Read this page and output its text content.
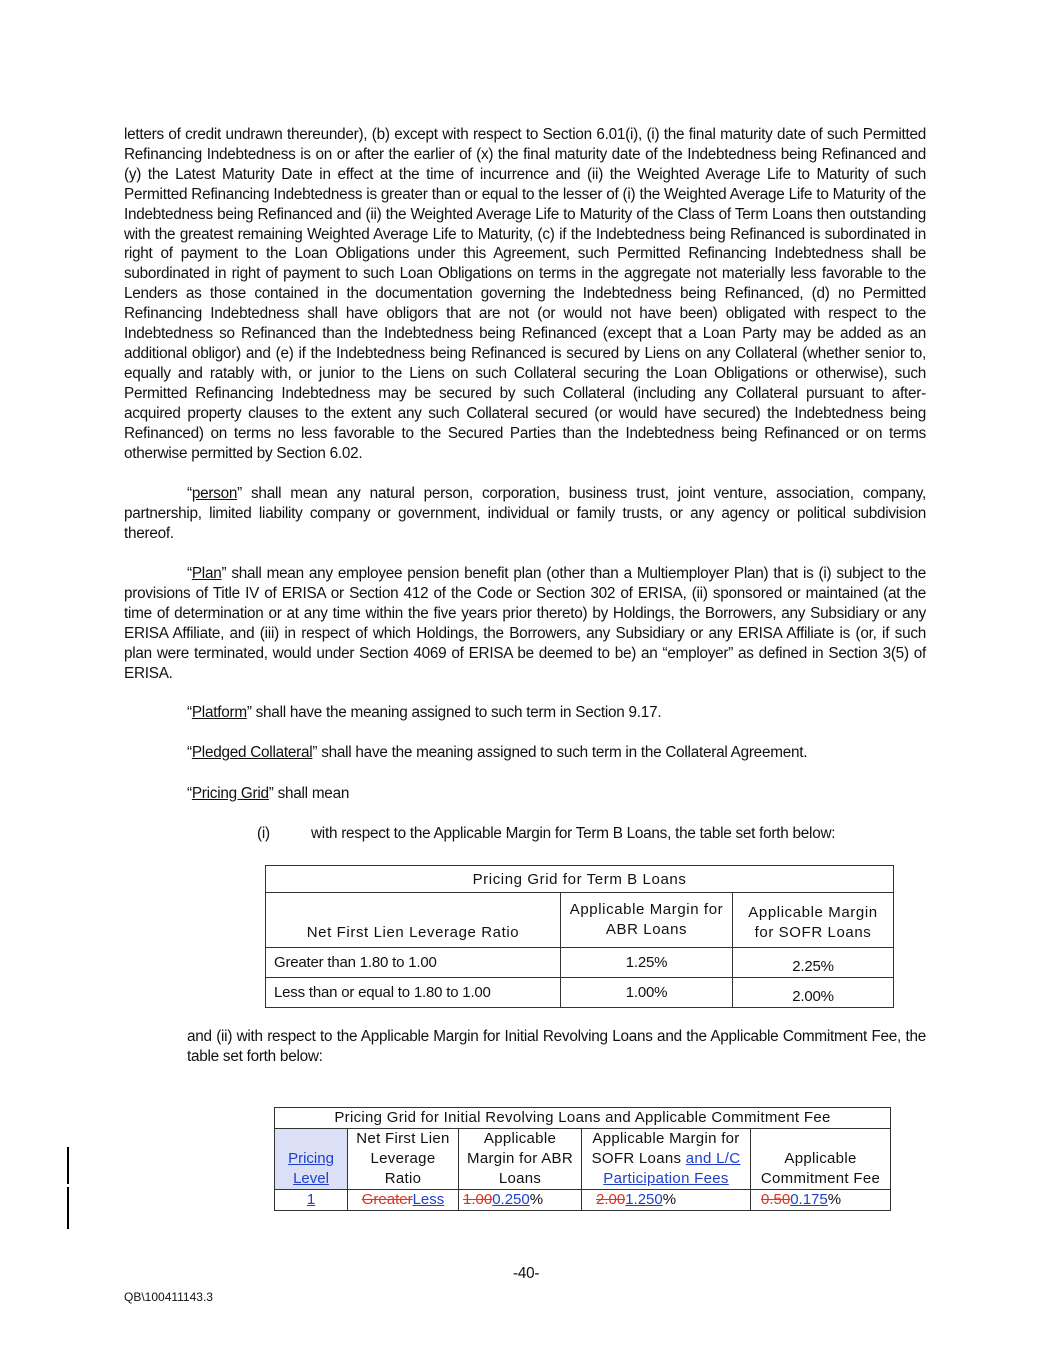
letters of credit undrawn thereunder), (b) except with respect to Section 6.01(i), (i) the final maturity date of such Permitted Refinancing Indebtedness is on or after the earlier of (x) the final maturity date of the Indebtedness being Refinanced and (y) the Latest Maturity Date in effect at the time of incurrence and (ii) the Weighted Average Life to Maturity of such Permitted Refinancing Indebtedness is greater than or equal to the lesser of (i) the Weighted Average Life to Maturity of the Indebtedness being Refinanced and (ii) the Weighted Average Life to Maturity of the Class of Term Loans then outstanding with the greatest remaining Weighted Average Life to Maturity, (c) if the Indebtedness being Refinanced is subordinated in right of payment to the Loan Obligations under this Agreement, such Permitted Refinancing Indebtedness shall be subordinated in right of payment to such Loan Obligations on terms in the aggregate not materially less favorable to the Lenders as those contained in the documentation governing the Indebtedness being Refinanced, (d) no Permitted Refinancing Indebtedness shall have obligors that are not (or would not have been) obligated with respect to the Indebtedness so Refinanced than the Indebtedness being Refinanced (except that a Loan Party may be added as an additional obligor) and (e) if the Indebtedness being Refinanced is secured by Liens on any Collateral (whether senior to, equally and ratably with, or junior to the Liens on such Collateral securing the Loan Obligations or otherwise), such Permitted Refinancing Indebtedness may be secured by such Collateral (including any Collateral pursuant to after-acquired property clauses to the extent any such Collateral secured (or would have secured) the Indebtedness being Refinanced) on terms no less favorable to the Secured Parties than the Indebtedness being Refinanced or on terms otherwise permitted by Section 6.02.
“person” shall mean any natural person, corporation, business trust, joint venture, association, company, partnership, limited liability company or government, individual or family trusts, or any agency or political subdivision thereof.
“Plan” shall mean any employee pension benefit plan (other than a Multiemployer Plan) that is (i) subject to the provisions of Title IV of ERISA or Section 412 of the Code or Section 302 of ERISA, (ii) sponsored or maintained (at the time of determination or at any time within the five years prior thereto) by Holdings, the Borrowers, any Subsidiary or any ERISA Affiliate, and (iii) in respect of which Holdings, the Borrowers, any Subsidiary or any ERISA Affiliate is (or, if such plan were terminated, would under Section 4069 of ERISA be deemed to be) an “employer” as defined in Section 3(5) of ERISA.
“Platform” shall have the meaning assigned to such term in Section 9.17.
“Pledged Collateral” shall have the meaning assigned to such term in the Collateral Agreement.
“Pricing Grid” shall mean
(i)	with respect to the Applicable Margin for Term B Loans, the table set forth below:
Pricing Grid for Term B Loans		
Net First Lien Leverage Ratio	Applicable Margin for ABR Loans	Applicable Margin for SOFR Loans
Greater than 1.80 to 1.00	1.25%	2.25%
Less than or equal to 1.80 to 1.00	1.00%	2.00%
and (ii) with respect to the Applicable Margin for Initial Revolving Loans and the Applicable Commitment Fee, the table set forth below:
Pricing Grid for Initial Revolving Loans and Applicable Commitment Fee				
Pricing Level	Net First Lien Leverage Ratio	Applicable Margin for ABR Loans	Applicable Margin for SOFR Loans and L/C Participation Fees	Applicable Commitment Fee
1	GreaterLess	1.000.250%	2.001.250%	0.500.175%
-40-
QB\100411143.3
